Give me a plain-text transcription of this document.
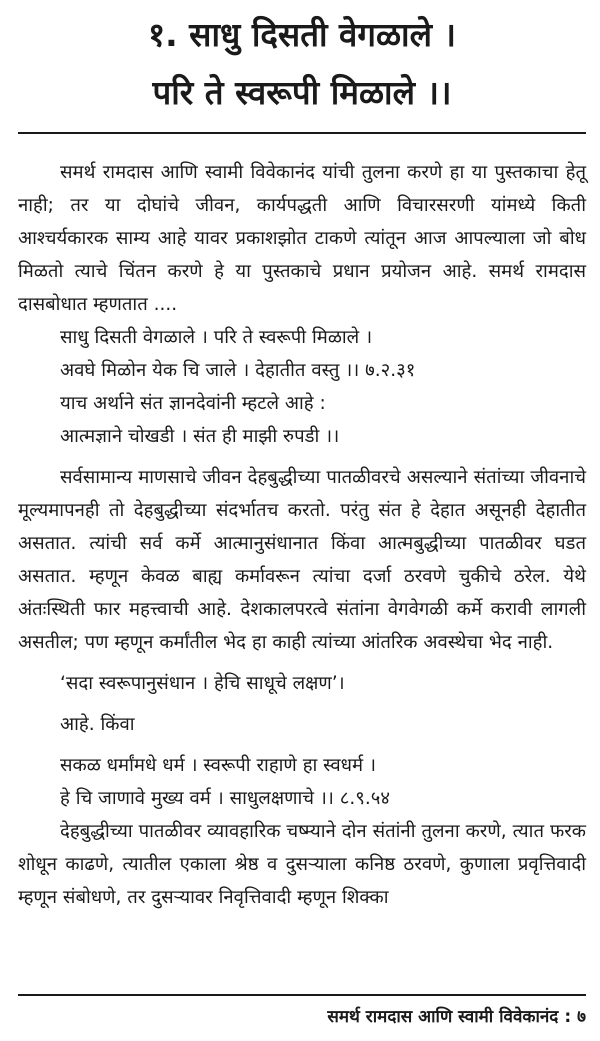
१. साधु दिसती वेगळाले ।
परि ते स्वरूपी मिळाले ।।

समर्थ रामदास आणि स्वामी विवेकानंद यांची तुलना करणे हा या पुस्तकाचा हेतू नाही; तर या दोघांचे जीवन, कार्यपद्धती आणि विचारसरणी यांमध्ये किती आश्चर्यकारक साम्य आहे यावर प्रकाशझोत टाकणे त्यांतून आज आपल्याला जो बोध मिळतो त्याचे चिंतन करणे हे या पुस्तकाचे प्रधान प्रयोजन आहे. समर्थ रामदास दासबोधात म्हणतात ....

साधु दिसती वेगळाले । परि ते स्वरूपी मिळाले ।

अवघे मिळोन येक चि जाले । देहातीत वस्तु ।। ७.२.३१

याच अर्थाने संत ज्ञानदेवांनी म्हटले आहे :

आत्मज्ञाने चोखडी । संत ही माझी रुपडी ।।

सर्वसामान्य माणसाचे जीवन देहबुद्धीच्या पातळीवरचे असल्याने संतांच्या जीवनाचे मूल्यमापनही तो देहबुद्धीच्या संदर्भातच करतो. परंतु संत हे देहात असूनही देहातीत असतात. त्यांची सर्व कर्मे आत्मानुसंधानात किंवा आत्मबुद्धीच्या पातळीवर घडत असतात. म्हणून केवळ बाह्य कर्मावरून त्यांचा दर्जा ठरवणे चुकीचे ठरेल. येथे अंतःस्थिती फार महत्त्वाची आहे. देशकालपरत्वे संतांना वेगवेगळी कर्मे करावी लागली असतील; पण म्हणून कर्मांतील भेद हा काही त्यांच्या आंतरिक अवस्थेचा भेद नाही.

‘सदा स्वरूपानुसंधान । हेचि साधूचे लक्षण’।

आहे. किंवा

सकळ धर्मांमधे धर्म । स्वरूपी राहाणे हा स्वधर्म ।

हे चि जाणावे मुख्य वर्म । साधुलक्षणाचे ।। ८.९.५४

देहबुद्धीच्या पातळीवर व्यावहारिक चष्म्याने दोन संतांनी तुलना करणे, त्यात फरक शोधून काढणे, त्यातील एकाला श्रेष्ठ व दुसऱ्याला कनिष्ठ ठरवणे, कुणाला प्रवृत्तिवादी म्हणून संबोधणे, तर दुसऱ्यावर निवृत्तिवादी म्हणून शिक्का

समर्थ रामदास आणि स्वामी विवेकानंद : ७
